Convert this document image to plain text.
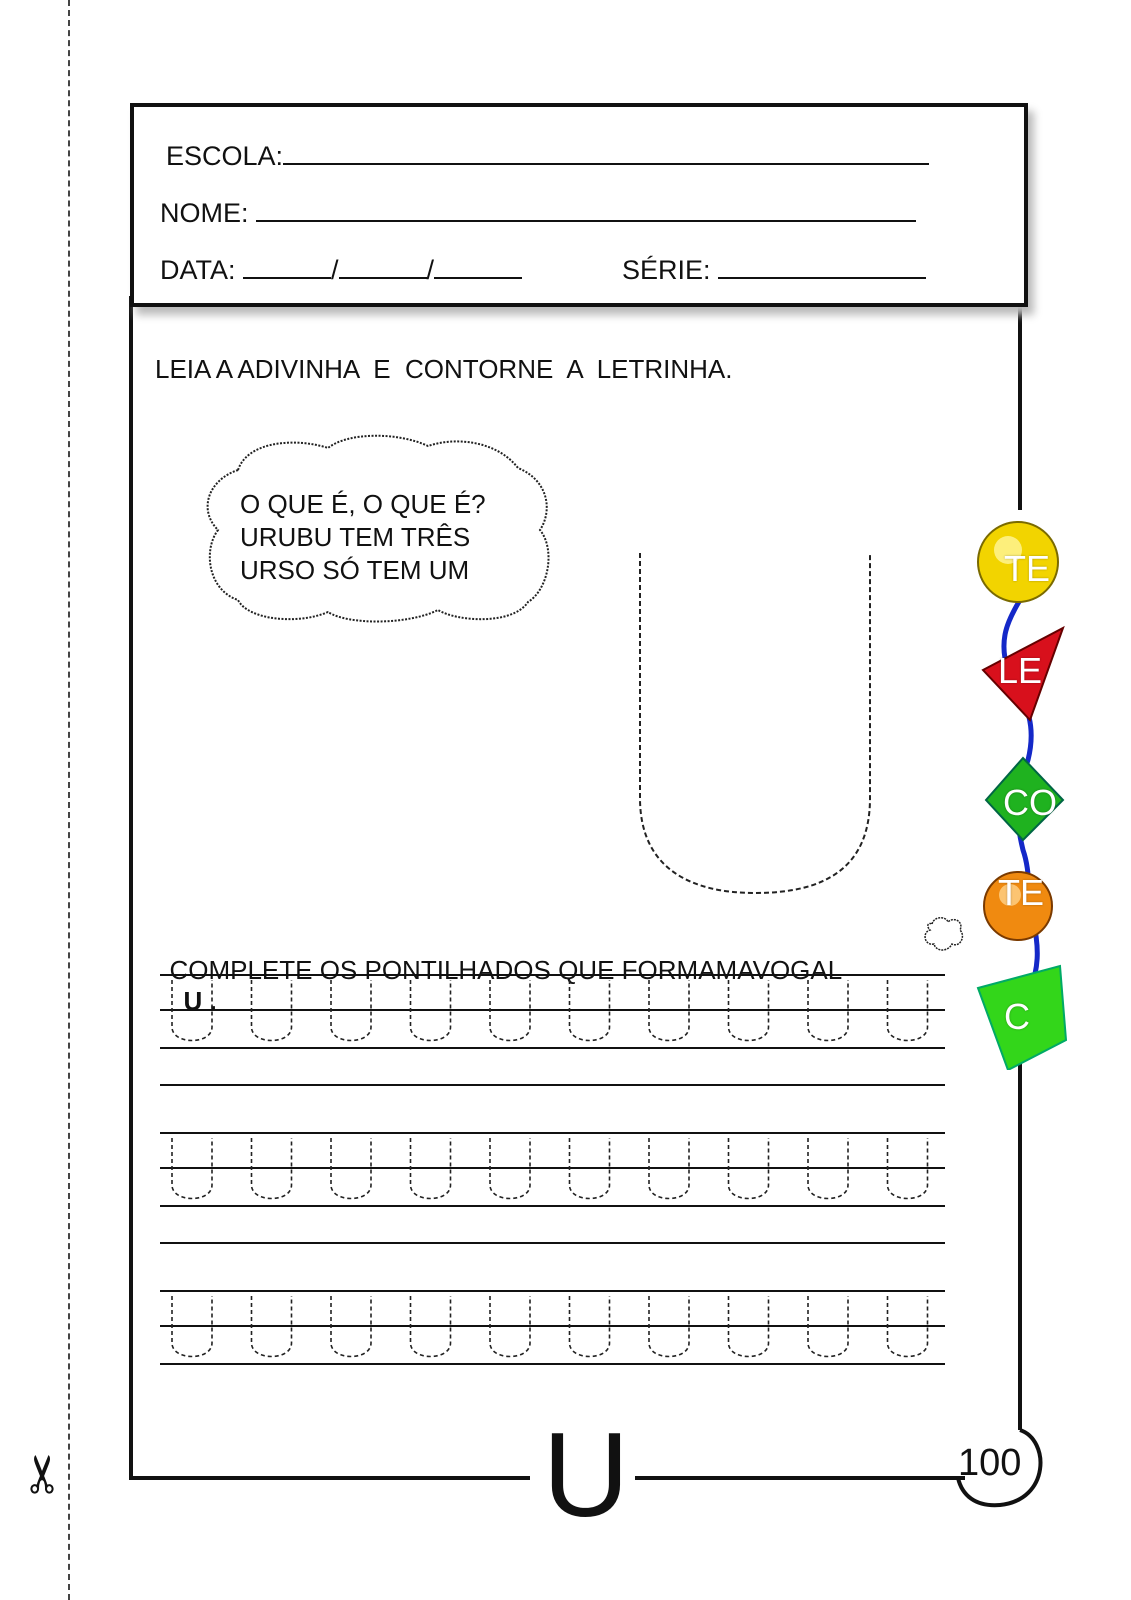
✂
ESCOLA:
NOME:
DATA:	/	/	SÉRIE:
LEIA A ADIVINHA  E  CONTORNE  A  LETRINHA.
O QUE É, O QUE É?
URUBU TEM TRÊS
URSO SÓ TEM UM

COMPLETE OS PONTILHADOS QUE FORMAMAVOGAL
U .

TE
LE
CO
TE
C
U	100
